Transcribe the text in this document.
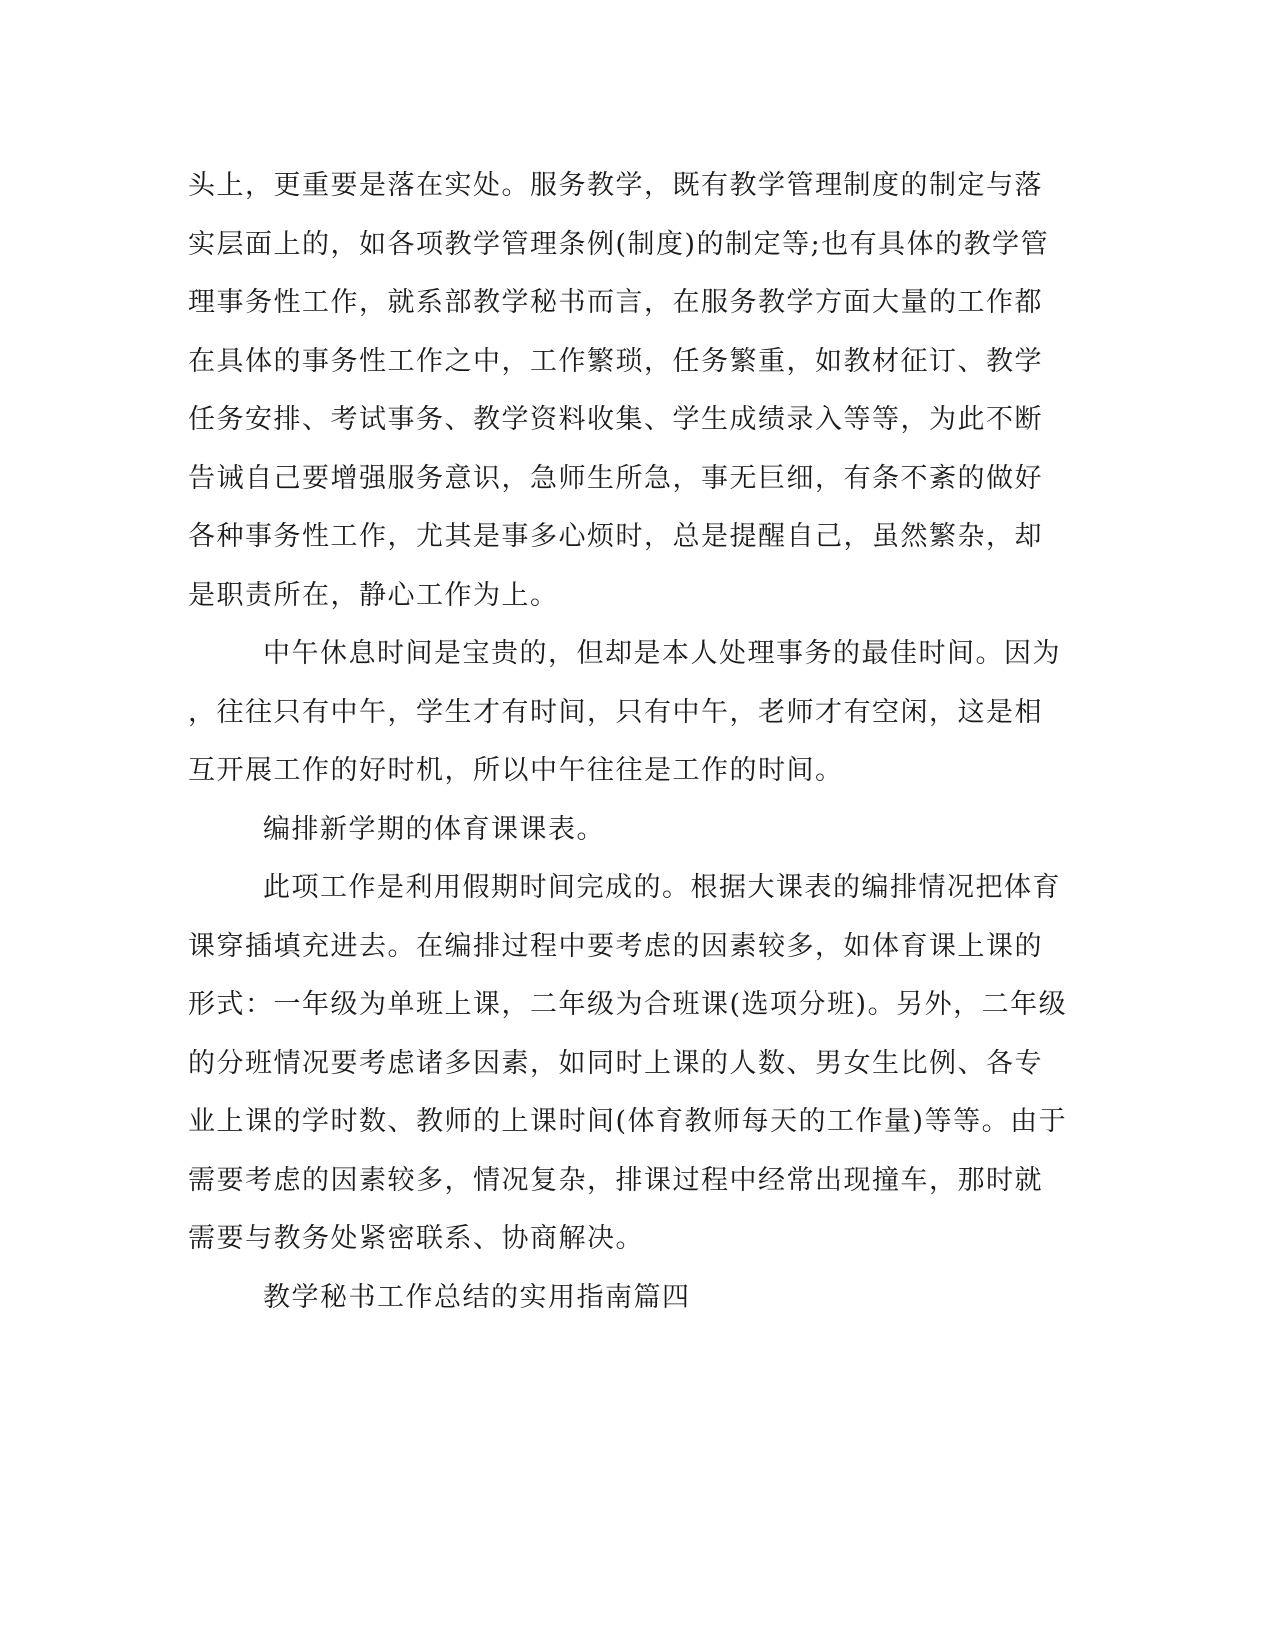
头上，更重要是落在实处。服务教学，既有教学管理制度的制定与落
实层面上的，如各项教学管理条例(制度)的制定等;也有具体的教学管
理事务性工作，就系部教学秘书而言，在服务教学方面大量的工作都
在具体的事务性工作之中，工作繁琐，任务繁重，如教材征订、教学
任务安排、考试事务、教学资料收集、学生成绩录入等等，为此不断
告诫自己要增强服务意识，急师生所急，事无巨细，有条不紊的做好
各种事务性工作，尤其是事多心烦时，总是提醒自己，虽然繁杂，却
是职责所在，静心工作为上。
中午休息时间是宝贵的，但却是本人处理事务的最佳时间。因为
，往往只有中午，学生才有时间，只有中午，老师才有空闲，这是相
互开展工作的好时机，所以中午往往是工作的时间。
编排新学期的体育课课表。
此项工作是利用假期时间完成的。根据大课表的编排情况把体育
课穿插填充进去。在编排过程中要考虑的因素较多，如体育课上课的
形式：一年级为单班上课，二年级为合班课(选项分班)。另外，二年级
的分班情况要考虑诸多因素，如同时上课的人数、男女生比例、各专
业上课的学时数、教师的上课时间(体育教师每天的工作量)等等。由于
需要考虑的因素较多，情况复杂，排课过程中经常出现撞车，那时就
需要与教务处紧密联系、协商解决。
教学秘书工作总结的实用指南篇四
